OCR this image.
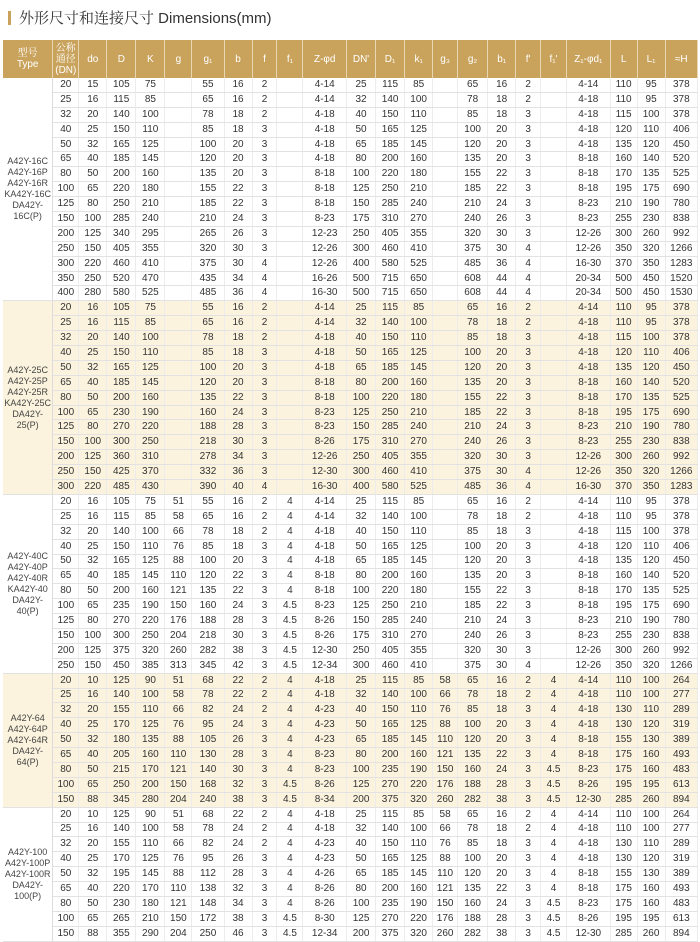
外形尺寸和连接尺寸 Dimensions(mm)
型号
Type	公称
通径
(DN)	do	D	K	g	g₁	b	f	f₁	Z-φd	DN'	D₁	k₁	g₃	g₂	b₁	f'	f₁'	Z₁-φd₁	L	L₁	≈H

A42Y-16C
A42Y-16P
A42Y-16R
KA42Y-16C
DA42Y-16C(P)	20	15	105	75		55	16	2		4-14	25	115	85		65	16	2		4-14	110	95	378
	25	16	115	85		65	16	2		4-14	32	140	100		78	18	2		4-18	110	95	378
	32	20	140	100		78	18	2		4-18	40	150	110		85	18	3		4-18	115	100	378
	40	25	150	110		85	18	3		4-18	50	165	125		100	20	3		4-18	120	110	406
	50	32	165	125		100	20	3		4-18	65	185	145		120	20	3		4-18	135	120	450
	65	40	185	145		120	20	3		4-18	80	200	160		135	20	3		8-18	160	140	520
	80	50	200	160		135	20	3		8-18	100	220	180		155	22	3		8-18	170	135	525
	100	65	220	180		155	22	3		8-18	125	250	210		185	22	3		8-18	195	175	690
	125	80	250	210		185	22	3		8-18	150	285	240		210	24	3		8-23	210	190	780
	150	100	285	240		210	24	3		8-23	175	310	270		240	26	3		8-23	255	230	838
	200	125	340	295		265	26	3		12-23	250	405	355		320	30	3		12-26	300	260	992
	250	150	405	355		320	30	3		12-26	300	460	410		375	30	4		12-26	350	320	1266
	300	220	460	410		375	30	4		12-26	400	580	525		485	36	4		16-30	370	350	1283
	350	250	520	470		435	34	4		16-26	500	715	650		608	44	4		20-34	500	450	1520
	400	280	580	525		485	36	4		16-30	500	715	650		608	44	4		20-34	500	450	1530

A42Y-25C
A42Y-25P
A42Y-25R
KA42Y-25C
DA42Y-25(P)	20	16	105	75		55	16	2		4-14	25	115	85		65	16	2		4-14	110	95	378
	25	16	115	85		65	16	2		4-14	32	140	100		78	18	2		4-18	110	95	378
	32	20	140	100		78	18	2		4-18	40	150	110		85	18	3		4-18	115	100	378
	40	25	150	110		85	18	3		4-18	50	165	125		100	20	3		4-18	120	110	406
	50	32	165	125		100	20	3		4-18	65	185	145		120	20	3		4-18	135	120	450
	65	40	185	145		120	20	3		8-18	80	200	160		135	20	3		8-18	160	140	520
	80	50	200	160		135	22	3		8-18	100	220	180		155	22	3		8-18	170	135	525
	100	65	230	190		160	24	3		8-23	125	250	210		185	22	3		8-18	195	175	690
	125	80	270	220		188	28	3		8-23	150	285	240		210	24	3		8-23	210	190	780
	150	100	300	250		218	30	3		8-26	175	310	270		240	26	3		8-23	255	230	838
	200	125	360	310		278	34	3		12-26	250	405	355		320	30	3		12-26	300	260	992
	250	150	425	370		332	36	3		12-30	300	460	410		375	30	4		12-26	350	320	1266
	300	220	485	430		390	40	4		16-30	400	580	525		485	36	4		16-30	370	350	1283

A42Y-40C
A42Y-40P
A42Y-40R
KA42Y-40
DA42Y-40(P)	20	16	105	75	51	55	16	2	4	4-14	25	115	85		65	16	2		4-14	110	95	378
	25	16	115	85	58	65	16	2	4	4-14	32	140	100		78	18	2		4-18	110	95	378
	32	20	140	100	66	78	18	2	4	4-18	40	150	110		85	18	3		4-18	115	100	378
	40	25	150	110	76	85	18	3	4	4-18	50	165	125		100	20	3		4-18	120	110	406
	50	32	165	125	88	100	20	3	4	4-18	65	185	145		120	20	3		4-18	135	120	450
	65	40	185	145	110	120	22	3	4	8-18	80	200	160		135	20	3		8-18	160	140	520
	80	50	200	160	121	135	22	3	4	8-18	100	220	180		155	22	3		8-18	170	135	525
	100	65	235	190	150	160	24	3	4.5	8-23	125	250	210		185	22	3		8-18	195	175	690
	125	80	270	220	176	188	28	3	4.5	8-26	150	285	240		210	24	3		8-23	210	190	780
	150	100	300	250	204	218	30	3	4.5	8-26	175	310	270		240	26	3		8-23	255	230	838
	200	125	375	320	260	282	38	3	4.5	12-30	250	405	355		320	30	3		12-26	300	260	992
	250	150	450	385	313	345	42	3	4.5	12-34	300	460	410		375	30	4		12-26	350	320	1266

A42Y-64
A42Y-64P
A42Y-64R
DA42Y-64(P)	20	10	125	90	51	68	22	2	4	4-18	25	115	85	58	65	16	2	4	4-14	110	100	264
	25	16	140	100	58	78	22	2	4	4-18	32	140	100	66	78	18	2	4	4-18	110	100	277
	32	20	155	110	66	82	24	2	4	4-23	40	150	110	76	85	18	3	4	4-18	130	110	289
	40	25	170	125	76	95	24	3	4	4-23	50	165	125	88	100	20	3	4	4-18	130	120	319
	50	32	180	135	88	105	26	3	4	4-23	65	185	145	110	120	20	3	4	8-18	155	130	389
	65	40	205	160	110	130	28	3	4	8-23	80	200	160	121	135	22	3	4	8-18	175	160	493
	80	50	215	170	121	140	30	3	4	8-23	100	235	190	150	160	24	3	4.5	8-23	175	160	483
	100	65	250	200	150	168	32	3	4.5	8-26	125	270	220	176	188	28	3	4.5	8-26	195	195	613
	150	88	345	280	204	240	38	3	4.5	8-34	200	375	320	260	282	38	3	4.5	12-30	285	260	894

A42Y-100
A42Y-100P
A42Y-100R
DA42Y-100(P)	20	10	125	90	51	68	22	2	4	4-18	25	115	85	58	65	16	2	4	4-14	110	100	264
	25	16	140	100	58	78	24	2	4	4-18	32	140	100	66	78	18	2	4	4-18	110	100	277
	32	20	155	110	66	82	24	2	4	4-23	40	150	110	76	85	18	3	4	4-18	130	110	289
	40	25	170	125	76	95	26	3	4	4-23	50	165	125	88	100	20	3	4	4-18	130	120	319
	50	32	195	145	88	112	28	3	4	4-26	65	185	145	110	120	20	3	4	8-18	155	130	389
	65	40	220	170	110	138	32	3	4	8-26	80	200	160	121	135	22	3	4	8-18	175	160	493
	80	50	230	180	121	148	34	3	4	8-26	100	235	190	150	160	24	3	4.5	8-23	175	160	483
	100	65	265	210	150	172	38	3	4.5	8-30	125	270	220	176	188	28	3	4.5	8-26	195	195	613
	150	88	355	290	204	250	46	3	4.5	12-34	200	375	320	260	282	38	3	4.5	12-30	285	260	894
